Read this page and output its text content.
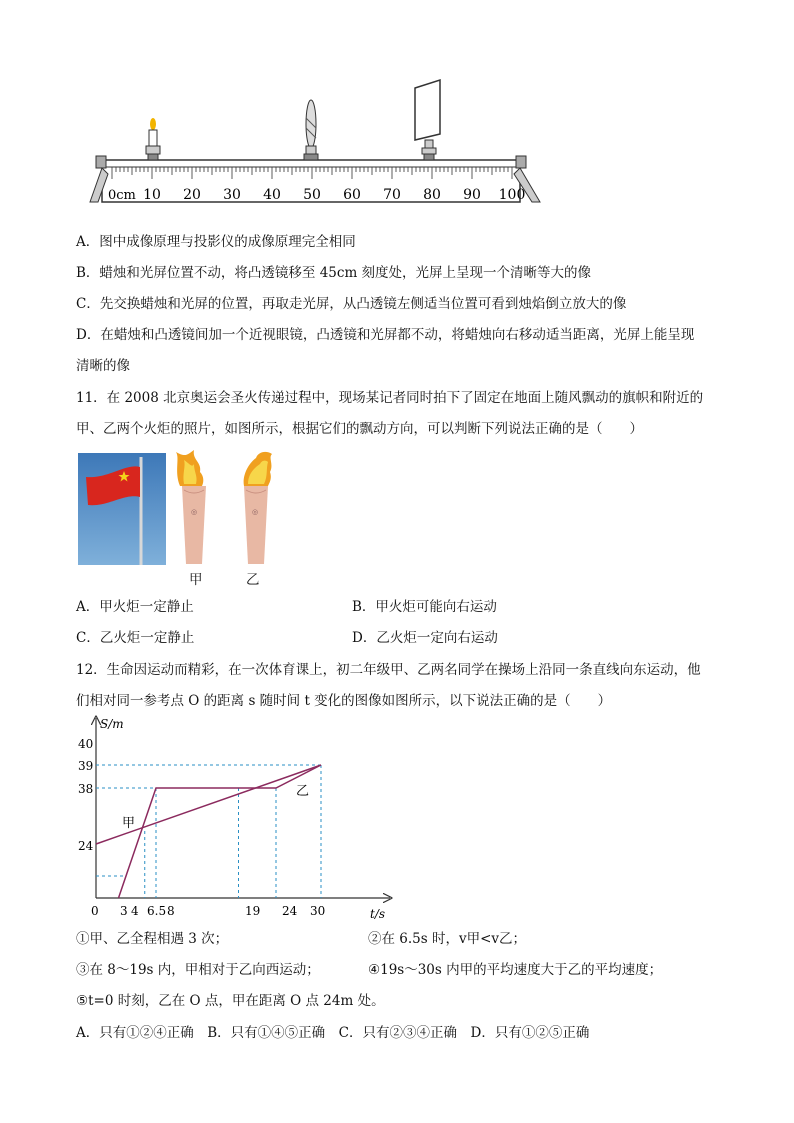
0cm 10 20 30 40 50 60 70 80 90 100
A．图中成像原理与投影仪的成像原理完全相同
B．蜡烛和光屏位置不动，将凸透镜移至 45cm 刻度处，光屏上呈现一个清晰等大的像
C．先交换蜡烛和光屏的位置，再取走光屏，从凸透镜左侧适当位置可看到烛焰倒立放大的像
D．在蜡烛和凸透镜间加一个近视眼镜，凸透镜和光屏都不动，将蜡烛向右移动适当距离，光屏上能呈现
清晰的像
11．在 2008 北京奥运会圣火传递过程中，现场某记者同时拍下了固定在地面上随风飘动的旗帜和附近的
甲、乙两个火炬的照片，如图所示，根据它们的飘动方向，可以判断下列说法正确的是（　　）
◎	◎
甲	乙
A．甲火炬一定静止	B．甲火炬可能向右运动
C．乙火炬一定静止	D．乙火炬一定向右运动
12．生命因运动而精彩，在一次体育课上，初二年级甲、乙两名同学在操场上沿同一条直线向东运动，他
们相对同一参考点 O 的距离 s 随时间 t 变化的图像如图所示，以下说法正确的是（　　）
S/m
t/s
40
39
38
24
0 3 4 6.5 8	19 24 30
甲
乙
①甲、乙全程相遇 3 次；	②在 6.5s 时，v甲<v乙；
③在 8～19s 内，甲相对于乙向西运动；	④19s～30s 内甲的平均速度大于乙的平均速度；
⑤t=0 时刻，乙在 O 点，甲在距离 O 点 24m 处。
A．只有①②④正确　B．只有①④⑤正确　C．只有②③④正确　D．只有①②⑤正确
